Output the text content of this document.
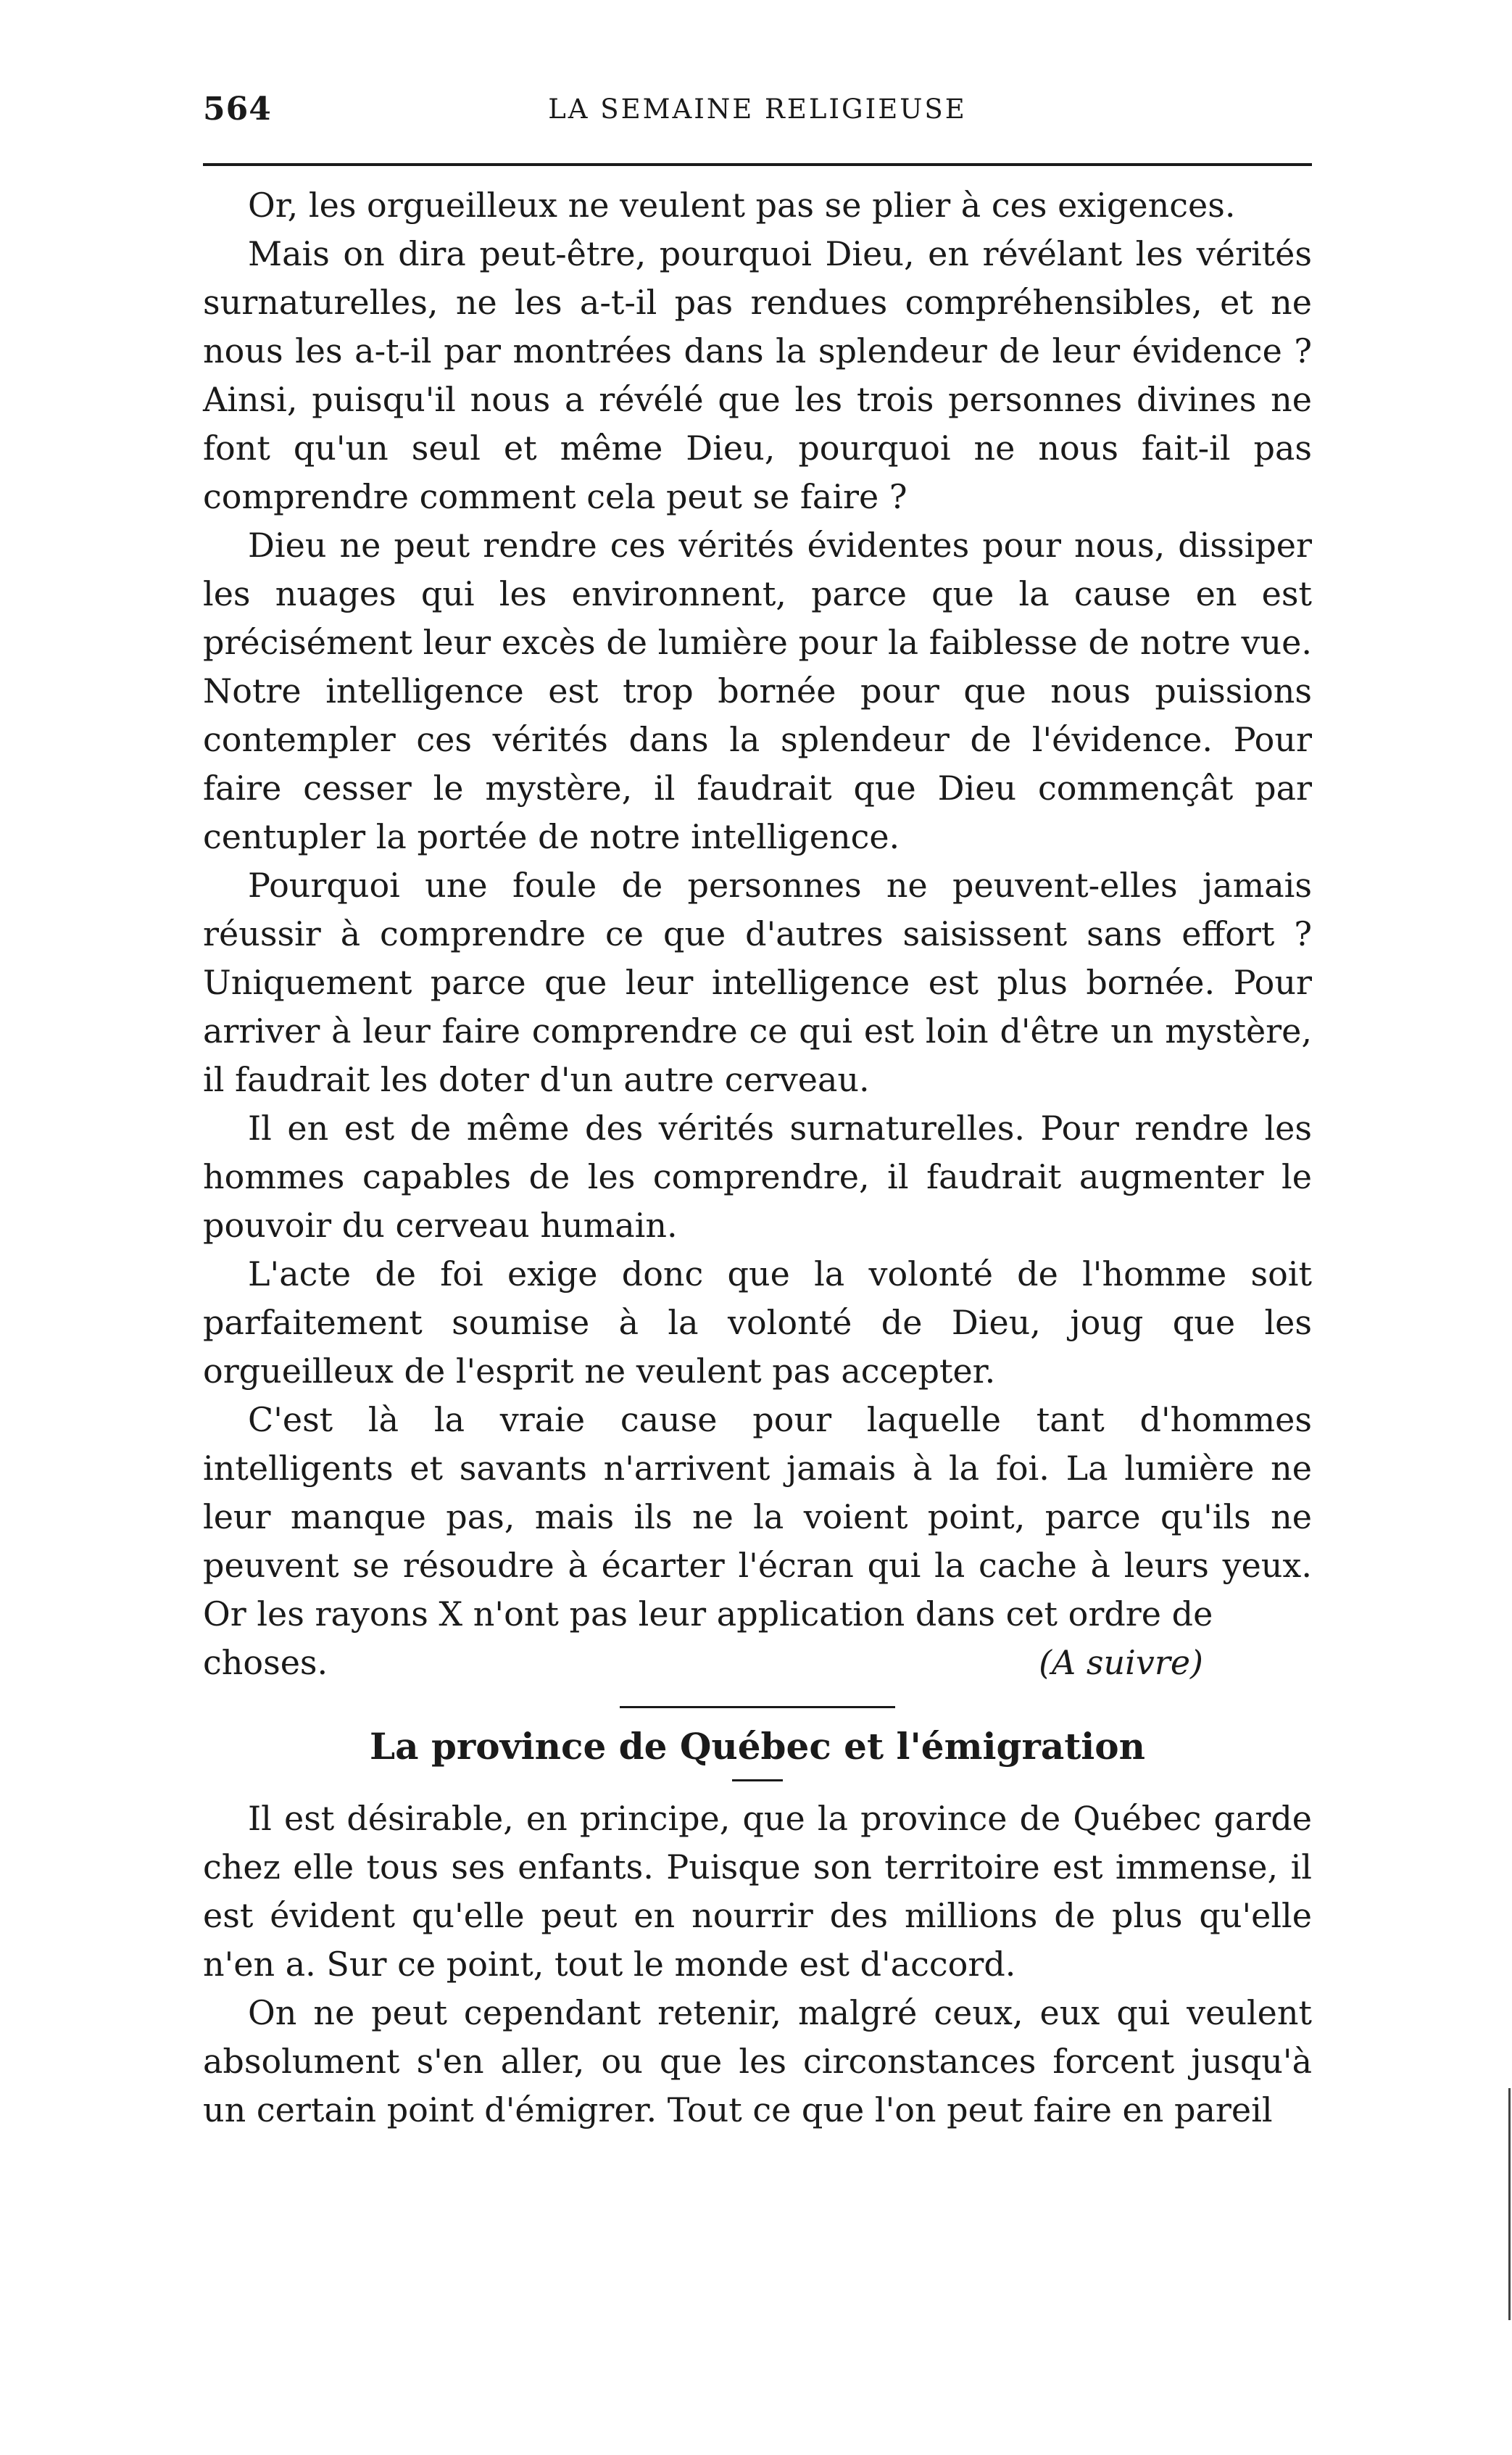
564	LA SEMAINE RELIGIEUSE

Or, les orgueilleux ne veulent pas se plier à ces exigences.

Mais on dira peut-être, pourquoi Dieu, en révélant les vérités surnaturelles, ne les a-t-il pas rendues compréhensibles, et ne nous les a-t-il par montrées dans la splendeur de leur évidence ? Ainsi, puisqu'il nous a révélé que les trois personnes divines ne font qu'un seul et même Dieu, pourquoi ne nous fait-il pas comprendre comment cela peut se faire ?

Dieu ne peut rendre ces vérités évidentes pour nous, dissiper les nuages qui les environnent, parce que la cause en est précisément leur excès de lumière pour la faiblesse de notre vue. Notre intelligence est trop bornée pour que nous puissions contempler ces vérités dans la splendeur de l'évidence. Pour faire cesser le mystère, il faudrait que Dieu commençât par centupler la portée de notre intelligence.

Pourquoi une foule de personnes ne peuvent-elles jamais réussir à comprendre ce que d'autres saisissent sans effort ? Uniquement parce que leur intelligence est plus bornée. Pour arriver à leur faire comprendre ce qui est loin d'être un mystère, il faudrait les doter d'un autre cerveau.

Il en est de même des vérités surnaturelles. Pour rendre les hommes capables de les comprendre, il faudrait augmenter le pouvoir du cerveau humain.

L'acte de foi exige donc que la volonté de l'homme soit parfaitement soumise à la volonté de Dieu, joug que les orgueilleux de l'esprit ne veulent pas accepter.

C'est là la vraie cause pour laquelle tant d'hommes intelligents et savants n'arrivent jamais à la foi. La lumière ne leur manque pas, mais ils ne la voient point, parce qu'ils ne peuvent se résoudre à écarter l'écran qui la cache à leurs yeux. Or les rayons X n'ont pas leur application dans cet ordre de

choses.	(A suivre)
La province de Québec et l'émigration

Il est désirable, en principe, que la province de Québec garde chez elle tous ses enfants. Puisque son territoire est immense, il est évident qu'elle peut en nourrir des millions de plus qu'elle n'en a. Sur ce point, tout le monde est d'accord.

On ne peut cependant retenir, malgré ceux, eux qui veulent absolument s'en aller, ou que les circonstances forcent jusqu'à un certain point d'émigrer. Tout ce que l'on peut faire en pareil
